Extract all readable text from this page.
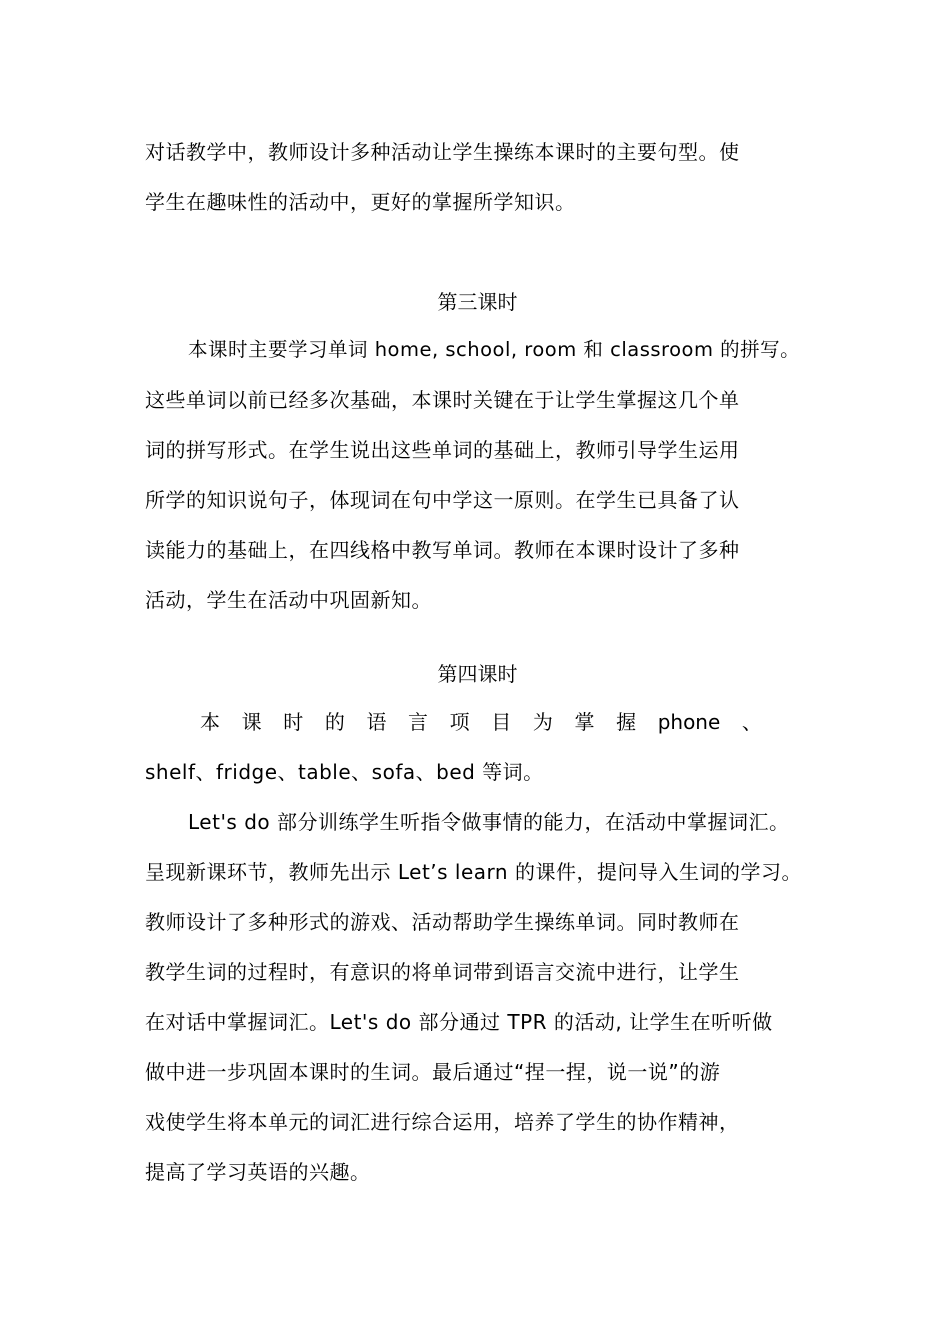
对话教学中，教师设计多种活动让学生操练本课时的主要句型。使
学生在趣味性的活动中，更好的掌握所学知识。
第三课时
本课时主要学习单词 home, school, room 和 classroom 的拼写。
这些单词以前已经多次基础，本课时关键在于让学生掌握这几个单
词的拼写形式。在学生说出这些单词的基础上，教师引导学生运用
所学的知识说句子，体现词在句中学这一原则。在学生已具备了认
读能力的基础上，在四线格中教写单词。教师在本课时设计了多种
活动，学生在活动中巩固新知。
第四课时
本 课 时 的 语 言 项 目 为 掌 握 phone 、
shelf、fridge、table、sofa、bed 等词。
Let's do 部分训练学生听指令做事情的能力，在活动中掌握词汇。
呈现新课环节，教师先出示 Let’s learn 的课件，提问导入生词的学习。
教师设计了多种形式的游戏、活动帮助学生操练单词。同时教师在
教学生词的过程时，有意识的将单词带到语言交流中进行，让学生
在对话中掌握词汇。Let's do 部分通过 TPR 的活动, 让学生在听听做
做中进一步巩固本课时的生词。最后通过“捏一捏，说一说”的游
戏使学生将本单元的词汇进行综合运用，培养了学生的协作精神，
提高了学习英语的兴趣。
